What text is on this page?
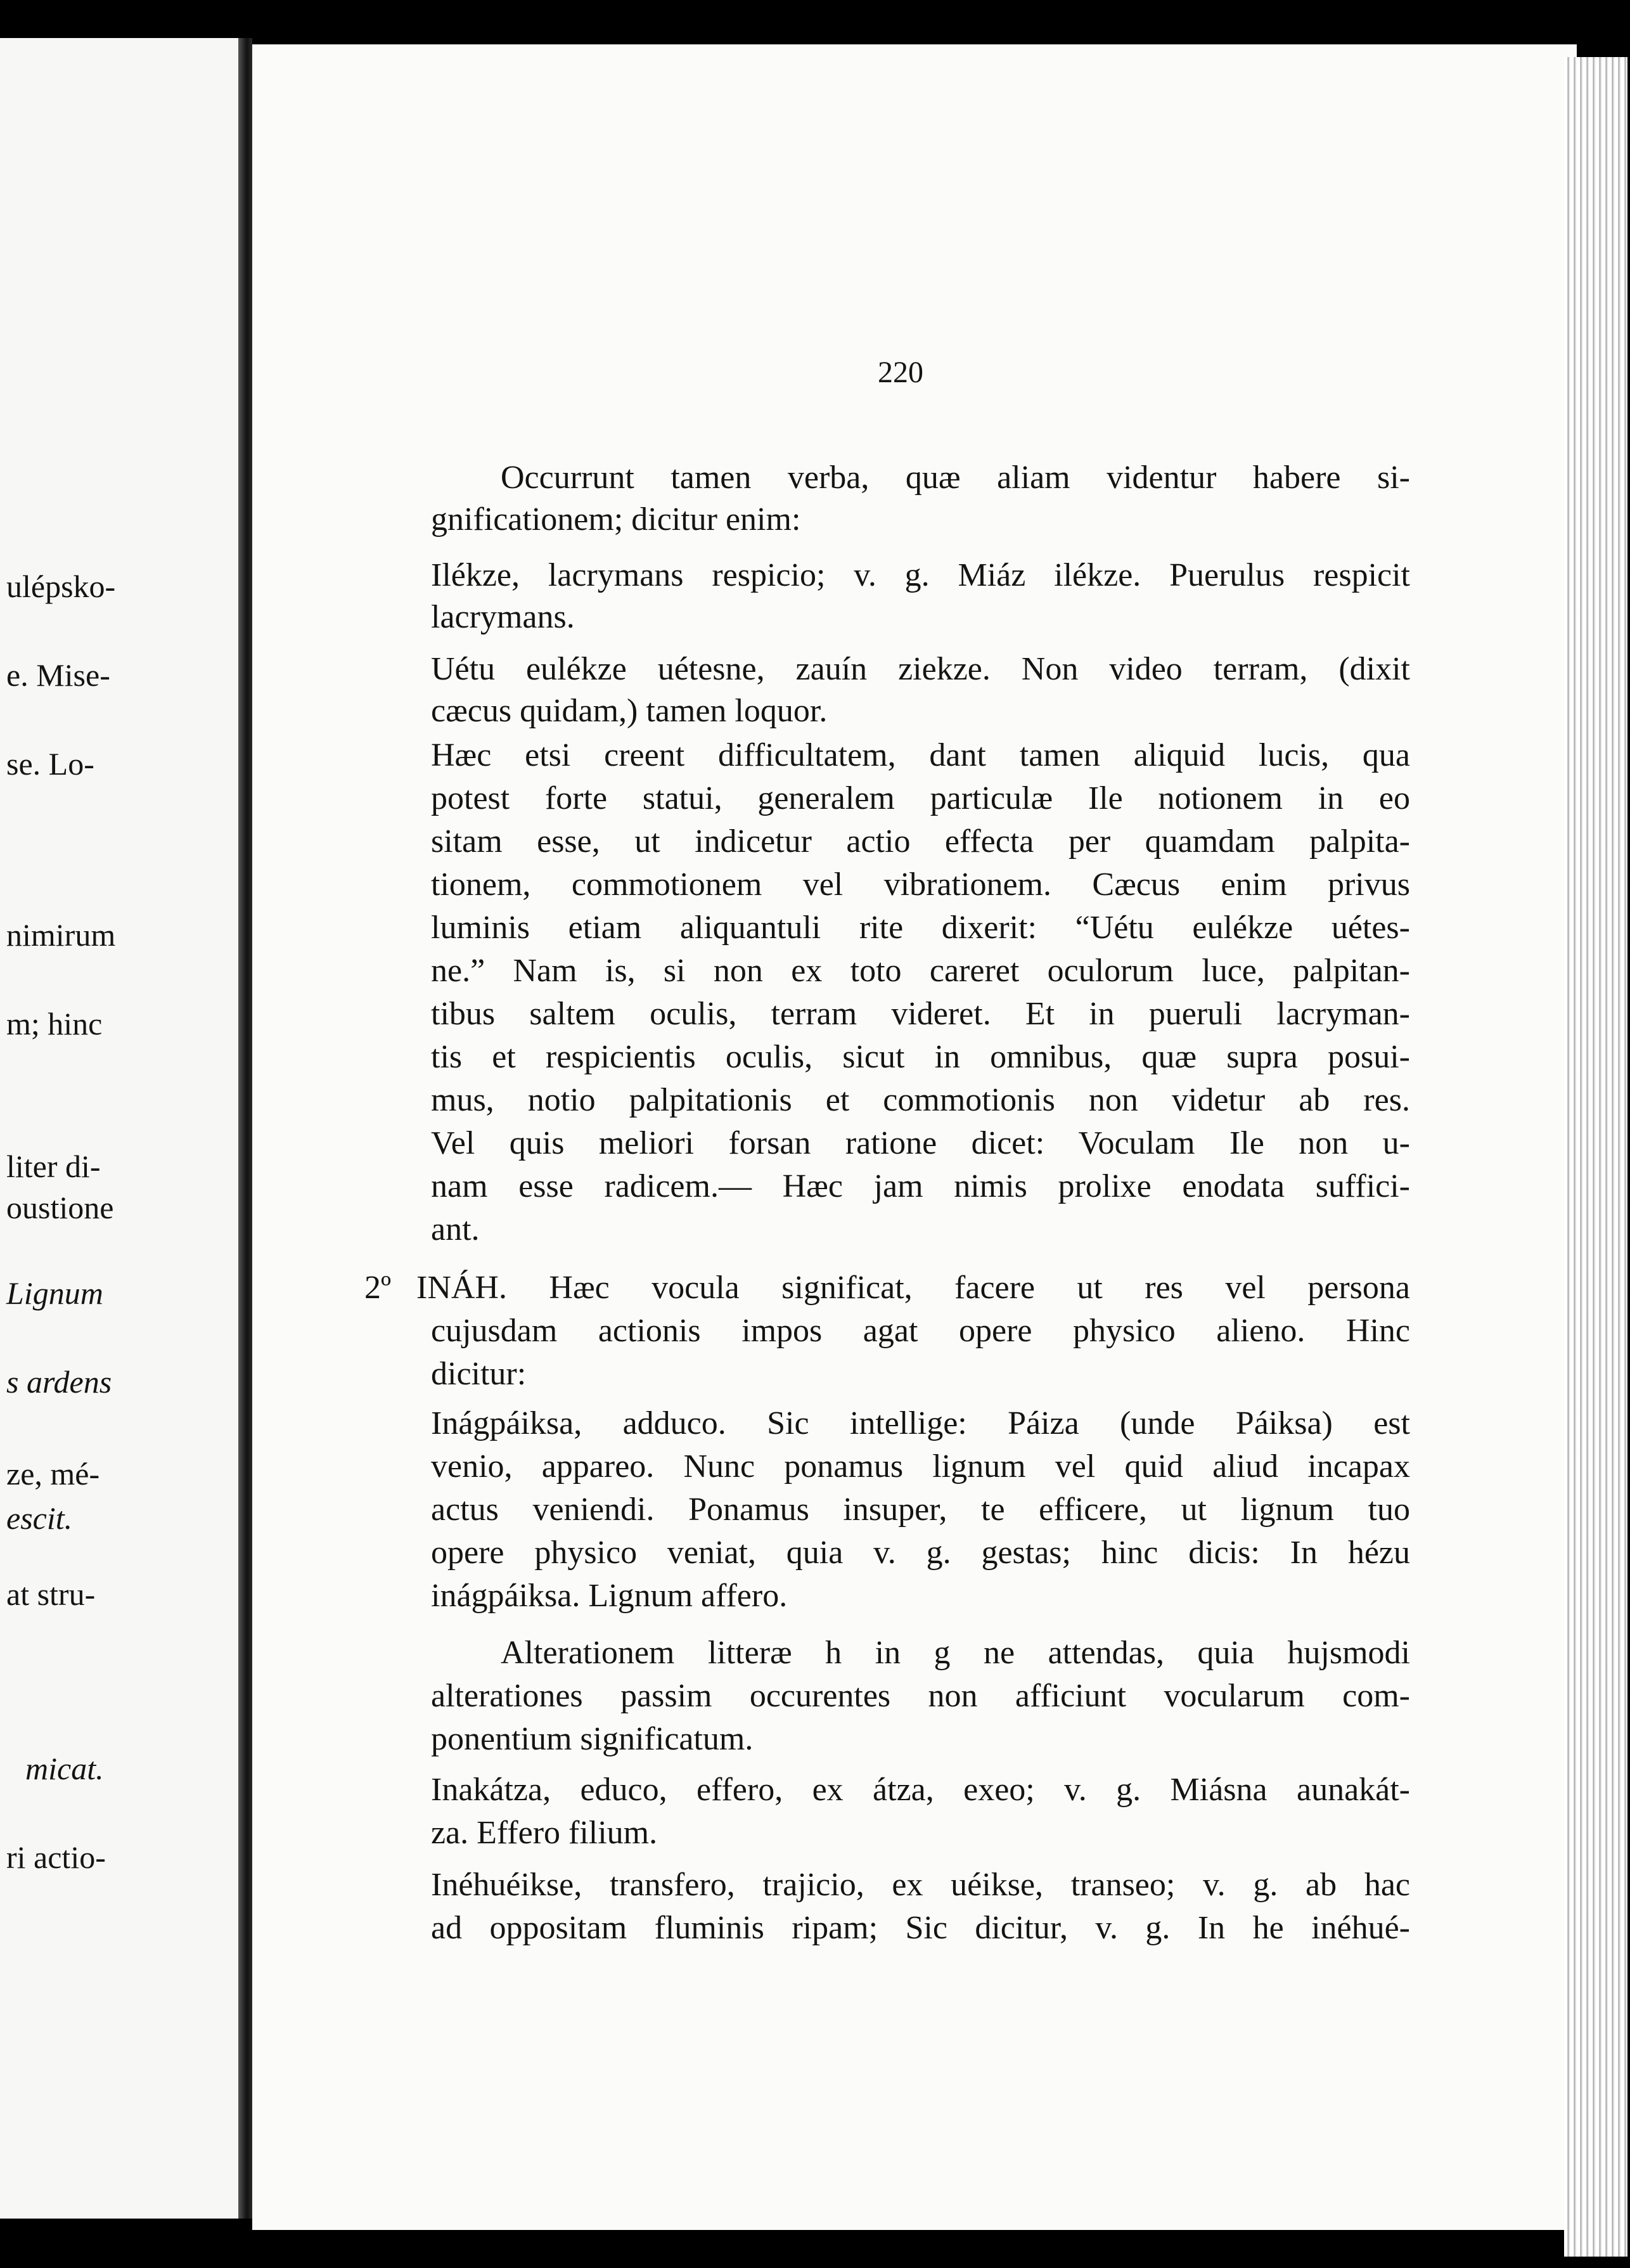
ulépsko-
e. Mise-
se. Lo-
nimirum
m; hinc
liter di-
oustione
Lignum
s ardens
ze, mé-
escit.
at stru-
micat.
ri actio-
220
Occurrunt tamen verba, quæ aliam videntur habere si-
gnificationem; dicitur enim:
Ilékze, lacrymans respicio; v. g. Miáz ilékze. Puerulus respicit
lacrymans.
Uétu eulékze uétesne, zauín ziekze. Non video terram, (dixit
cæcus quidam,) tamen loquor.
Hæc etsi creent difficultatem, dant tamen aliquid lucis, qua
potest forte statui, generalem particulæ Ile notionem in eo
sitam esse, ut indicetur actio effecta per quamdam palpita-
tionem, commotionem vel vibrationem. Cæcus enim privus
luminis etiam aliquantuli rite dixerit: “Uétu eulékze uétes-
ne.” Nam is, si non ex toto careret oculorum luce, palpitan-
tibus saltem oculis, terram videret. Et in pueruli lacryman-
tis et respicientis oculis, sicut in omnibus, quæ supra posui-
mus, notio palpitationis et commotionis non videtur ab res.
Vel quis meliori forsan ratione dicet: Voculam Ile non u-
nam esse radicem.— Hæc jam nimis prolixe enodata suffici-
ant.
2º INÁH. Hæc vocula significat, facere ut res vel persona
cujusdam actionis impos agat opere physico alieno. Hinc
dicitur:
Inágpáiksa, adduco. Sic intellige: Páiza (unde Páiksa) est
venio, appareo. Nunc ponamus lignum vel quid aliud incapax
actus veniendi. Ponamus insuper, te efficere, ut lignum tuo
opere physico veniat, quia v. g. gestas; hinc dicis: In hézu
inágpáiksa. Lignum affero.
Alterationem litteræ h in g ne attendas, quia hujsmodi
alterationes passim occurentes non afficiunt vocularum com-
ponentium significatum.
Inakátza, educo, effero, ex átza, exeo; v. g. Miásna aunakát-
za. Effero filium.
Inéhuéikse, transfero, trajicio, ex uéikse, transeo; v. g. ab hac
ad oppositam fluminis ripam; Sic dicitur, v. g. In he inéhué-
